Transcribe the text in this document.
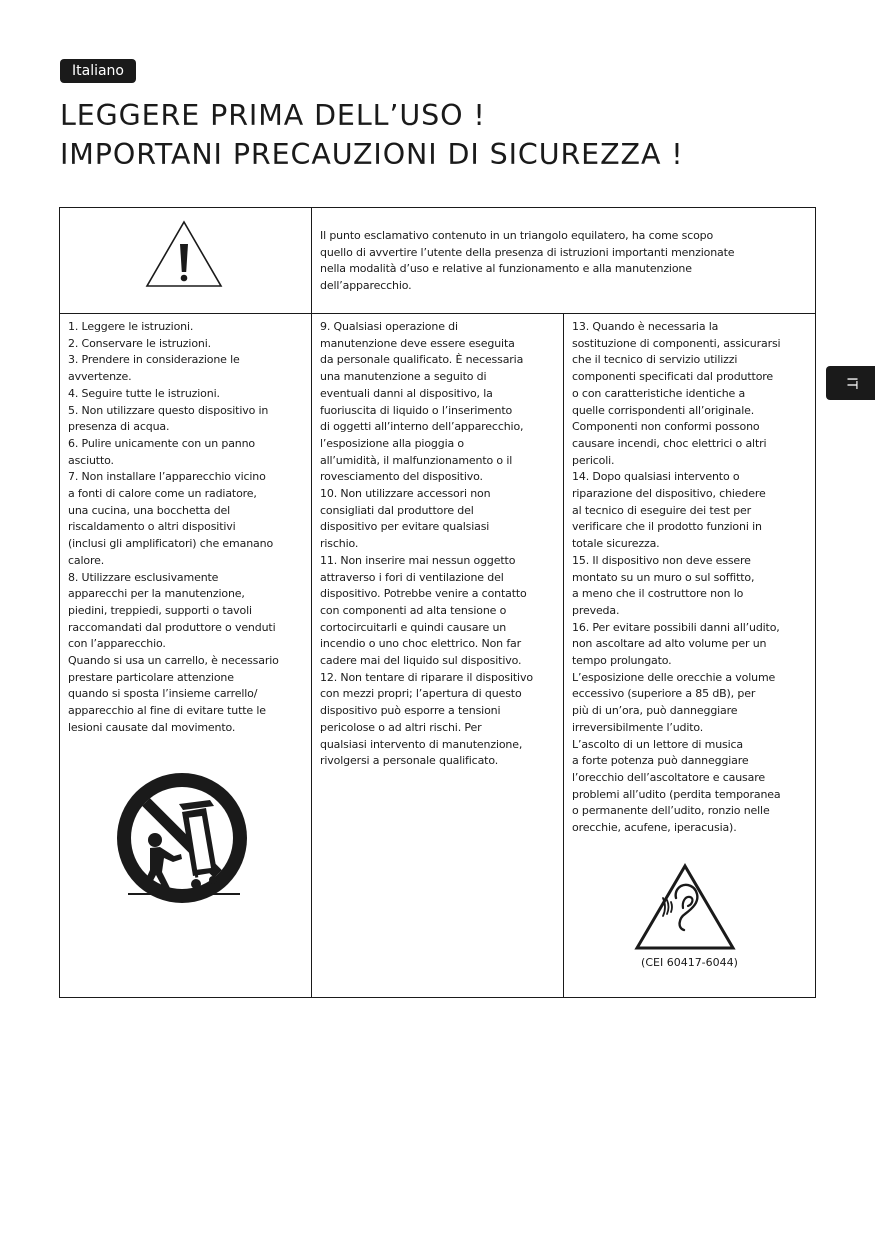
Italiano
LEGGERE PRIMA DELL’USO !
IMPORTANI PRECAUZIONI DI SICUREZZA !
IT
Il punto esclamativo contenuto in un triangolo equilatero, ha come scopo
quello di avvertire l’utente della presenza di istruzioni importanti menzionate
nella modalità d’uso e relative al funzionamento e alla manutenzione
dell’apparecchio.
1. Leggere le istruzioni.
2. Conservare le istruzioni.
3. Prendere in considerazione le
avvertenze.
4. Seguire tutte le istruzioni.
5. Non utilizzare questo dispositivo in
presenza di acqua.
6. Pulire unicamente con un panno
asciutto.
7. Non installare l’apparecchio vicino
a fonti di calore come un radiatore,
una cucina, una bocchetta del
riscaldamento o altri dispositivi
(inclusi gli amplificatori) che emanano
calore.
8. Utilizzare esclusivamente
apparecchi per la manutenzione,
piedini, treppiedi, supporti o tavoli
raccomandati dal produttore o venduti
con l’apparecchio.
Quando si usa un carrello, è necessario
prestare particolare attenzione
quando si sposta l’insieme carrello/
apparecchio al fine di evitare tutte le
lesioni causate dal movimento.
9. Qualsiasi operazione di
manutenzione deve essere eseguita
da personale qualificato. È necessaria
una manutenzione a seguito di
eventuali danni al dispositivo, la
fuoriuscita di liquido o l’inserimento
di oggetti all’interno dell’apparecchio,
l’esposizione alla pioggia o
all’umidità, il malfunzionamento o il
rovesciamento del dispositivo.
10. Non utilizzare accessori non
consigliati dal produttore del
dispositivo per evitare qualsiasi
rischio.
11. Non inserire mai nessun oggetto
attraverso i fori di ventilazione del
dispositivo. Potrebbe venire a contatto
con componenti ad alta tensione o
cortocircuitarli e quindi causare un
incendio o uno choc elettrico. Non far
cadere mai del liquido sul dispositivo.
12. Non tentare di riparare il dispositivo
con mezzi propri; l’apertura di questo
dispositivo può esporre a tensioni
pericolose o ad altri rischi. Per
qualsiasi intervento di manutenzione,
rivolgersi a personale qualificato.
13. Quando è necessaria la
sostituzione di componenti, assicurarsi
che il tecnico di servizio utilizzi
componenti specificati dal produttore
o con caratteristiche identiche a
quelle corrispondenti all’originale.
Componenti non conformi possono
causare incendi, choc elettrici o altri
pericoli.
14. Dopo qualsiasi intervento o
riparazione del dispositivo, chiedere
al tecnico di eseguire dei test per
verificare che il prodotto funzioni in
totale sicurezza.
15. Il dispositivo non deve essere
montato su un muro o sul soffitto,
a meno che il costruttore non lo
preveda.
16. Per evitare possibili danni all’udito,
non ascoltare ad alto volume per un
tempo prolungato.
L’esposizione delle orecchie a volume
eccessivo (superiore a 85 dB), per
più di un’ora, può danneggiare
irreversibilmente l’udito.
L’ascolto di un lettore di musica
a forte potenza può danneggiare
l’orecchio dell’ascoltatore e causare
problemi all’udito (perdita temporanea
o permanente dell’udito, ronzio nelle
orecchie, acufene, iperacusia).
(CEI 60417-6044)
